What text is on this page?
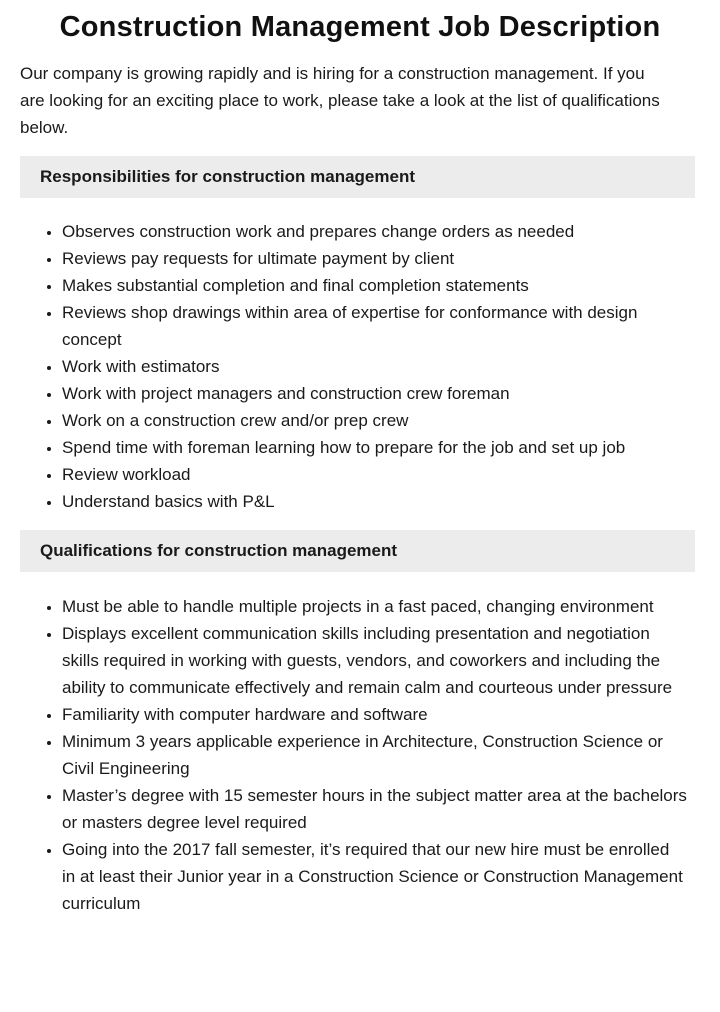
Construction Management Job Description

Our company is growing rapidly and is hiring for a construction management. If you are looking for an exciting place to work, please take a look at the list of qualifications below.

Responsibilities for construction management
• Observes construction work and prepares change orders as needed
• Reviews pay requests for ultimate payment by client
• Makes substantial completion and final completion statements
• Reviews shop drawings within area of expertise for conformance with design concept
• Work with estimators
• Work with project managers and construction crew foreman
• Work on a construction crew and/or prep crew
• Spend time with foreman learning how to prepare for the job and set up job
• Review workload
• Understand basics with P&L
Qualifications for construction management
• Must be able to handle multiple projects in a fast paced, changing environment
• Displays excellent communication skills including presentation and negotiation skills required in working with guests, vendors, and coworkers and including the ability to communicate effectively and remain calm and courteous under pressure
• Familiarity with computer hardware and software
• Minimum 3 years applicable experience in Architecture, Construction Science or Civil Engineering
• Master’s degree with 15 semester hours in the subject matter area at the bachelors or masters degree level required
• Going into the 2017 fall semester, it’s required that our new hire must be enrolled in at least their Junior year in a Construction Science or Construction Management curriculum
